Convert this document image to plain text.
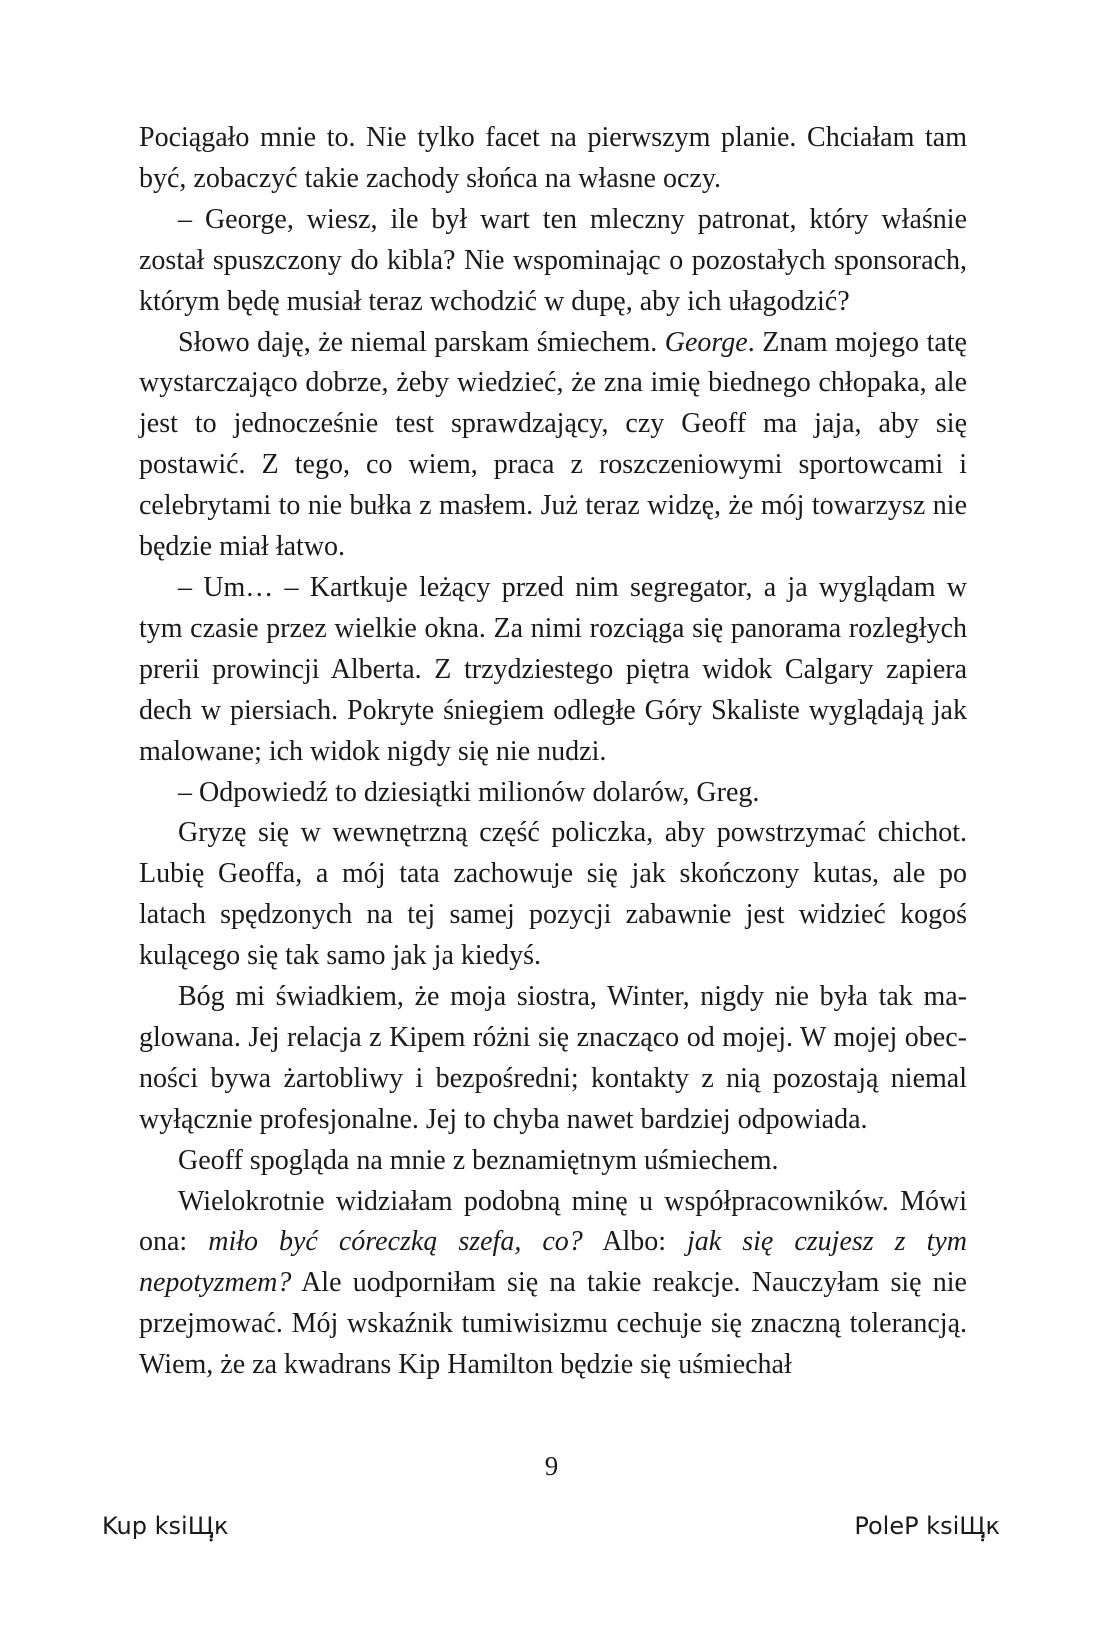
Pociągało mnie to. Nie tylko facet na pierwszym planie. Chciałam tam być, zobaczyć takie zachody słońca na własne oczy.

– George, wiesz, ile był wart ten mleczny patronat, który właśnie został spuszczony do kibla? Nie wspominając o pozostałych sponsorach, którym będę musiał teraz wchodzić w dupę, aby ich ułagodzić?

Słowo daję, że niemal parskam śmiechem. George. Znam mojego tatę wystarczająco dobrze, żeby wiedzieć, że zna imię biednego chłopaka, ale jest to jednocześnie test sprawdzający, czy Geoff ma jaja, aby się postawić. Z tego, co wiem, praca z roszczeniowymi sportowcami i celebrytami to nie bułka z masłem. Już teraz widzę, że mój towarzysz nie będzie miał łatwo.

– Um… – Kartkuje leżący przed nim segregator, a ja wyglądam w tym czasie przez wielkie okna. Za nimi rozciąga się panorama rozległych prerii prowincji Alberta. Z trzydziestego piętra widok Calgary zapiera dech w piersiach. Pokryte śniegiem odległe Góry Skaliste wyglądają jak malowane; ich widok nigdy się nie nudzi.

– Odpowiedź to dziesiątki milionów dolarów, Greg.

Gryzę się w wewnętrzną część policzka, aby powstrzymać chichot. Lubię Geoffa, a mój tata zachowuje się jak skończony kutas, ale po latach spędzonych na tej samej pozycji zabawnie jest widzieć kogoś kulącego się tak samo jak ja kiedyś.

Bóg mi świadkiem, że moja siostra, Winter, nigdy nie była tak maglowana. Jej relacja z Kipem różni się znacząco od mojej. W mojej obecności bywa żartobliwy i bezpośredni; kontakty z nią pozostają niemal wyłącznie profesjonalne. Jej to chyba nawet bardziej odpowiada.

Geoff spogląda na mnie z beznamiętnym uśmiechem.

Wielokrotnie widziałam podobną minę u współpracowników. Mówi ona: miło być córeczką szefa, co? Albo: jak się czujesz z tym nepotyzmem? Ale uodporniłam się na takie reakcje. Nauczyłam się nie przejmować. Mój wskaźnik tumiwisizmu cechuje się znaczną tolerancją. Wiem, że za kwadrans Kip Hamilton będzie się uśmiechał

9
Kup ksiЩฺฺк	PoleP ksiЩฺฺк
